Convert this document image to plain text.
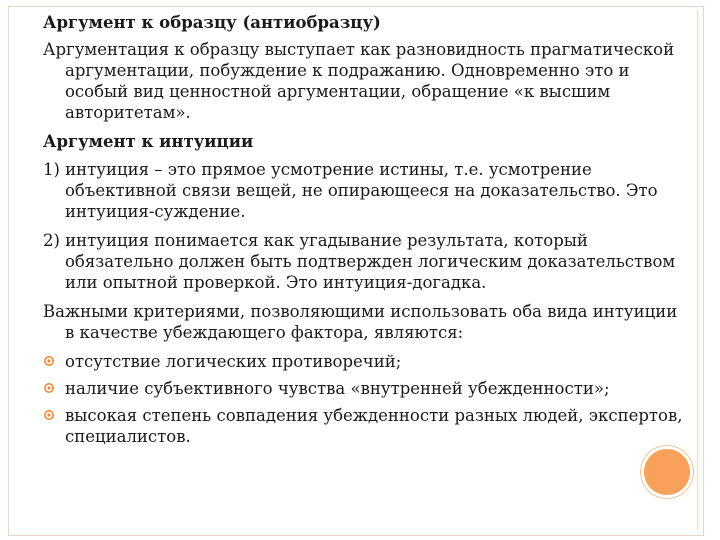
Аргумент к образцу (антиобразцу)
Аргументация к образцу выступает как разновидность прагматической аргументации, побуждение к подражанию. Одновременно это и особый вид ценностной аргументации, обращение «к высшим авторитетам».
Аргумент к интуиции
1) интуиция – это прямое усмотрение истины, т.е. усмотрение объективной связи вещей, не опирающееся на доказательство. Это интуиция-суждение.
2) интуиция понимается как угадывание результата, который обязательно должен быть подтвержден логическим доказательством или опытной проверкой. Это интуиция-догадка.
Важными критериями, позволяющими использовать оба вида интуиции в качестве убеждающего фактора, являются:
отсутствие логических противоречий;
наличие субъективного чувства «внутренней убежденности»;
высокая степень совпадения убежденности разных людей, экспертов, специалистов.
